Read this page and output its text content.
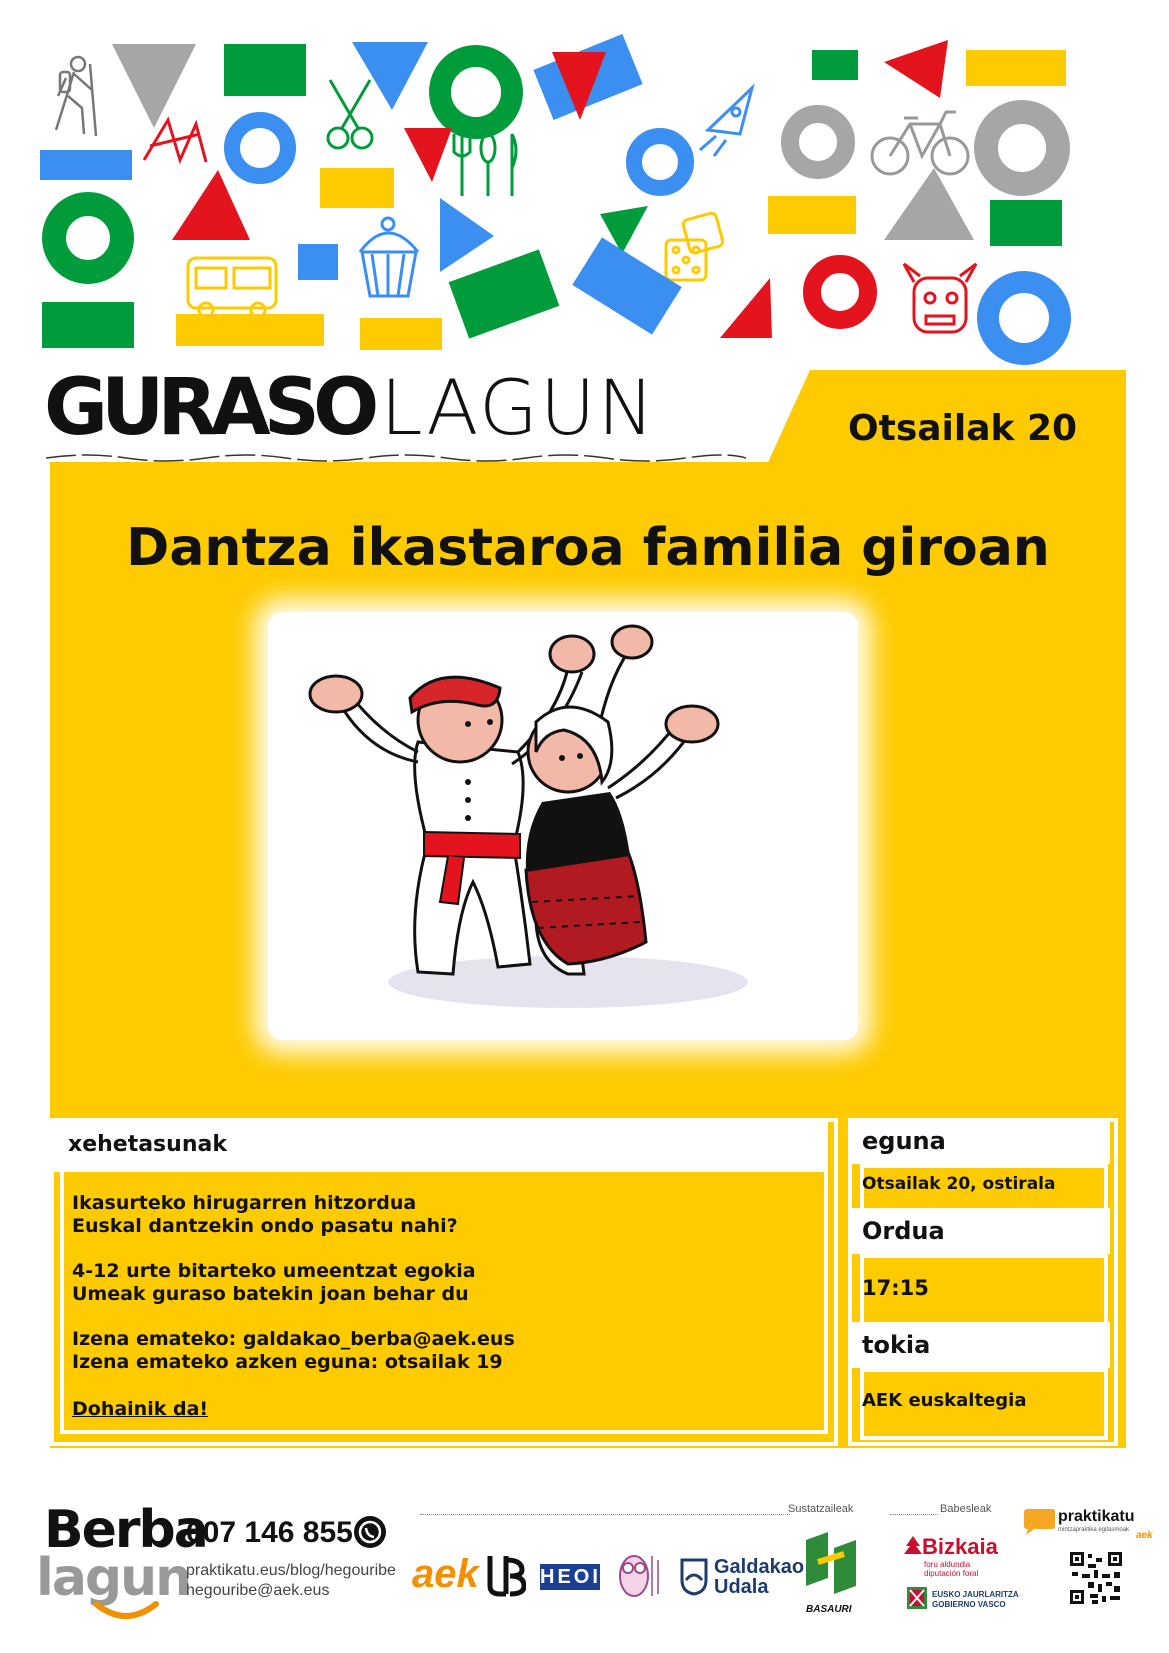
GURASO LAGUN	Otsailak 20
Dantza ikastaroa familia giroan
xehetasunak
Ikasurteko hirugarren hitzordua
Euskal dantzekin ondo pasatu nahi?
4-12 urte bitarteko umeentzat egokia
Umeak guraso batekin joan behar du
Izena emateko: galdakao_berba@aek.eus
Izena emateko azken eguna: otsailak 19
Dohainik da!
eguna
Otsailak 20, ostirala
Ordua
17:15
tokia
AEK euskaltegia
Berba
lagun
607 146 855
praktikatu.eus/blog/hegouribe
hegouribe@aek.eus
Sustatzaileak	Babesleak
aek	HEOI	Galdakao
Udala
BASAURI
Bizkaia
foru aldundia
diputación foral
EUSKO JAURLARITZA
GOBIERNO VASCO
praktikatu
mintzapraktika egitasmoak aek
